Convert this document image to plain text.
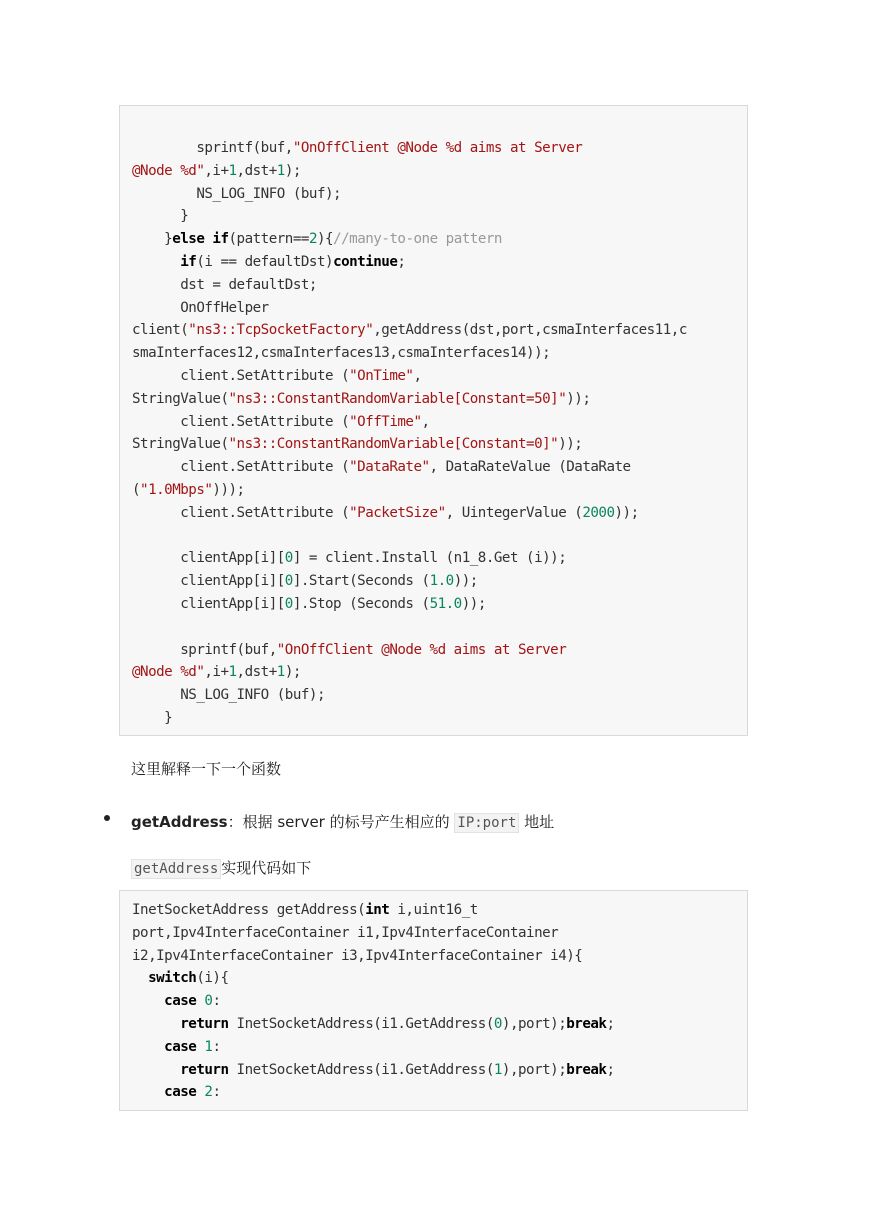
sprintf(buf,"OnOffClient @Node %d aims at Server
@Node %d",i+1,dst+1);
NS_LOG_INFO (buf);
}
}else if(pattern==2){//many-to-one pattern
if(i == defaultDst)continue;
dst = defaultDst;
OnOffHelper
client("ns3::TcpSocketFactory",getAddress(dst,port,csmaInterfaces11,c
smaInterfaces12,csmaInterfaces13,csmaInterfaces14));
client.SetAttribute ("OnTime",
StringValue("ns3::ConstantRandomVariable[Constant=50]"));
client.SetAttribute ("OffTime",
StringValue("ns3::ConstantRandomVariable[Constant=0]"));
client.SetAttribute ("DataRate", DataRateValue (DataRate
("1.0Mbps")));
client.SetAttribute ("PacketSize", UintegerValue (2000));
clientApp[i][0] = client.Install (n1_8.Get (i));
clientApp[i][0].Start(Seconds (1.0));
clientApp[i][0].Stop (Seconds (51.0));
sprintf(buf,"OnOffClient @Node %d aims at Server
@Node %d",i+1,dst+1);
NS_LOG_INFO (buf);
}
这里解释一下一个函数
getAddress：根据 server 的标号产生相应的 IP:port 地址
getAddress 实现代码如下
InetSocketAddress getAddress(int i,uint16_t
port,Ipv4InterfaceContainer i1,Ipv4InterfaceContainer
i2,Ipv4InterfaceContainer i3,Ipv4InterfaceContainer i4){
switch(i){
case 0:
return InetSocketAddress(i1.GetAddress(0),port);break;
case 1:
return InetSocketAddress(i1.GetAddress(1),port);break;
case 2:
